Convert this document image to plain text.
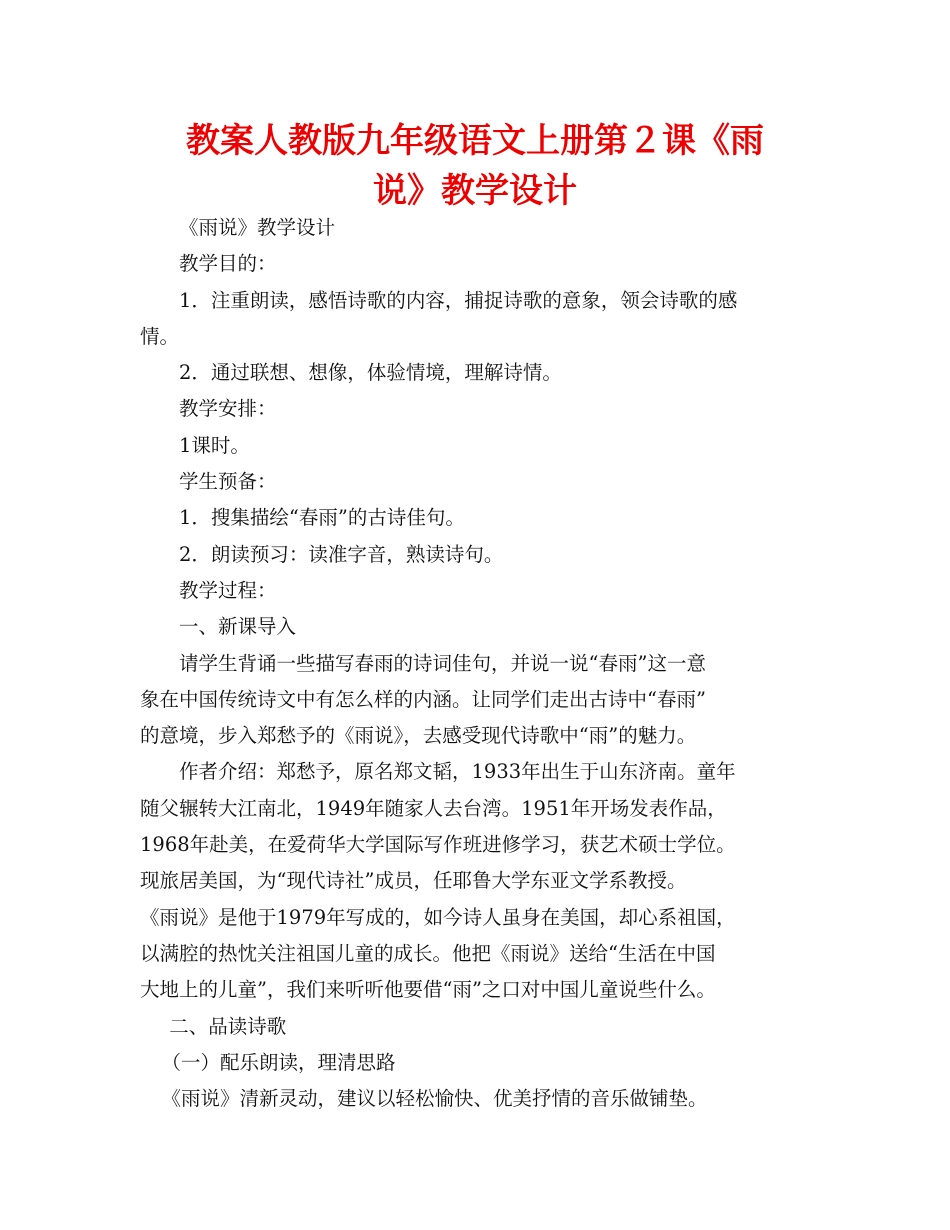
教案人教版九年级语文上册第２课《雨
说》教学设计
《雨说》教学设计
教学目的：
1．注重朗读，感悟诗歌的内容，捕捉诗歌的意象，领会诗歌的感
情。
2．通过联想、想像，体验情境，理解诗情。
教学安排：
1课时。
学生预备：
1．搜集描绘“春雨”的古诗佳句。
2．朗读预习：读准字音，熟读诗句。
教学过程：
一、新课导入
请学生背诵一些描写春雨的诗词佳句，并说一说“春雨”这一意
象在中国传统诗文中有怎么样的内涵。让同学们走出古诗中“春雨”
的意境，步入郑愁予的《雨说》，去感受现代诗歌中“雨”的魅力。
作者介绍：郑愁予，原名郑文韬，1933年出生于山东济南。童年
随父辗转大江南北，1949年随家人去台湾。1951年开场发表作品，
1968年赴美，在爱荷华大学国际写作班进修学习，获艺术硕士学位。
现旅居美国，为“现代诗社”成员，任耶鲁大学东亚文学系教授。
《雨说》是他于1979年写成的，如今诗人虽身在美国，却心系祖国，
以满腔的热忱关注祖国儿童的成长。他把《雨说》送给“生活在中国
大地上的儿童”，我们来听听他要借“雨”之口对中国儿童说些什么。
二、品读诗歌
（一）配乐朗读，理清思路
《雨说》清新灵动，建议以轻松愉快、优美抒情的音乐做铺垫。
